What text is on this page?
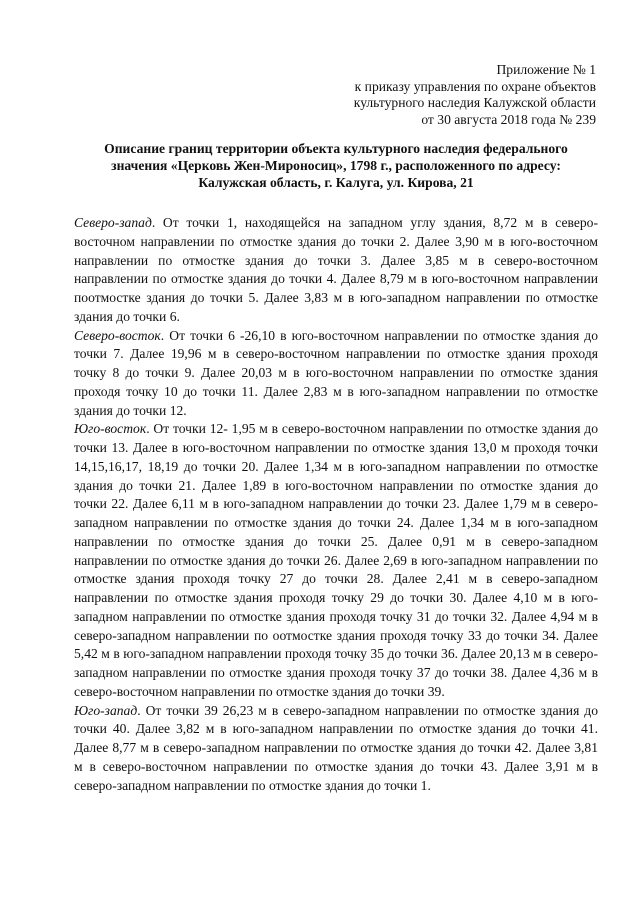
Приложение № 1
к приказу управления по охране объектов
культурного наследия Калужской области
от 30 августа 2018 года № 239
Описание границ территории объекта культурного наследия федерального
значения «Церковь Жен-Мироносиц», 1798 г., расположенного по адресу:
Калужская область, г. Калуга, ул. Кирова, 21

Северо-запад. От точки 1, находящейся на западном углу здания, 8,72 м в северо-восточном направлении по отмостке здания до точки 2. Далее 3,90 м в юго-восточном направлении по отмостке здания до точки 3. Далее 3,85 м в северо-восточном направлении по отмостке здания до точки 4. Далее 8,79 м в юго-восточном направлении поотмостке здания до точки 5. Далее 3,83 м в юго-западном направлении по отмостке здания до точки 6.

Северо-восток. От точки 6 -26,10 в юго-восточном направлении по отмостке здания до точки 7. Далее 19,96 м в северо-восточном направлении по отмостке здания проходя точку 8 до точки 9. Далее 20,03 м в юго-восточном направлении по отмостке здания проходя точку 10 до точки 11. Далее 2,83 м в юго-западном направлении по отмостке здания до точки 12.

Юго-восток. От точки 12- 1,95 м в северо-восточном направлении по отмостке здания до точки 13. Далее в юго-восточном направлении по отмостке здания 13,0 м проходя точки 14,15,16,17, 18,19 до точки 20. Далее 1,34 м в юго-западном направлении по отмостке здания до точки 21. Далее 1,89 в юго-восточном направлении по отмостке здания до точки 22. Далее 6,11 м в юго-западном направлении до точки 23. Далее 1,79 м в северо-западном направлении по отмостке здания до точки 24. Далее 1,34 м в юго-западном направлении по отмостке здания до точки 25. Далее 0,91 м в северо-западном направлении по отмостке здания до точки 26. Далее 2,69 в юго-западном направлении по отмостке здания проходя точку 27 до точки 28. Далее 2,41 м в северо-западном направлении по отмостке здания проходя точку 29 до точки 30. Далее 4,10 м в юго-западном направлении по отмостке здания проходя точку 31 до точки 32. Далее 4,94 м в северо-западном направлении по оотмостке здания проходя точку 33 до точки 34. Далее 5,42 м в юго-западном направлении проходя точку 35 до точки 36. Далее 20,13 м в северо-западном направлении по отмостке здания проходя точку 37 до точки 38. Далее 4,36 м в северо-восточном направлении по отмостке здания до точки 39.

Юго-запад. От точки 39 26,23 м в северо-западном направлении по отмостке здания до точки 40. Далее 3,82 м в юго-западном направлении по отмостке здания до точки 41. Далее 8,77 м в северо-западном направлении по отмостке здания до точки 42. Далее 3,81 м в северо-восточном направлении по отмостке здания до точки 43. Далее 3,91 м в северо-западном направлении по отмостке здания до точки 1.
